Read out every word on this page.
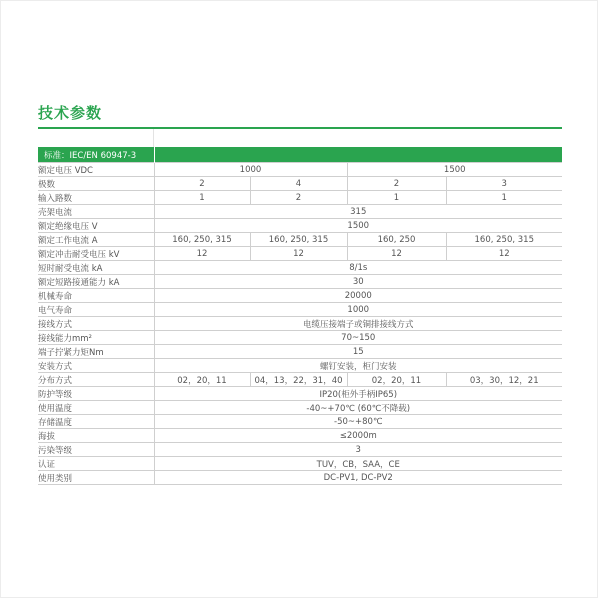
技术参数
标准：IEC/EN 60947-3				
额定电压 VDC	1000		1500	
极数	2	4	2	3
输入路数	1	2	1	1
壳架电流	315			
额定绝缘电压 V	1500			
额定工作电流 A	160, 250, 315	160, 250, 315	160, 250	160, 250, 315
额定冲击耐受电压 kV	12	12	12	12
短时耐受电流 kA	8/1s			
额定短路接通能力 kA	30			
机械寿命	20000			
电气寿命	1000			
接线方式	电缆压接端子或铜排接线方式			
接线能力mm²	70~150			
端子拧紧力矩Nm	15			
安装方式	螺钉安装，柜门安装			
分布方式	02，20，11	04，13，22，31，40	02，20，11	03，30，12，21
防护等级	IP20(柜外手柄IP65)			
使用温度	-40~+70℃ (60℃不降载)			
存储温度	-50~+80℃			
海拔	≤2000m			
污染等级	3			
认证	TUV，CB，SAA，CE			
使用类别	DC-PV1, DC-PV2			
